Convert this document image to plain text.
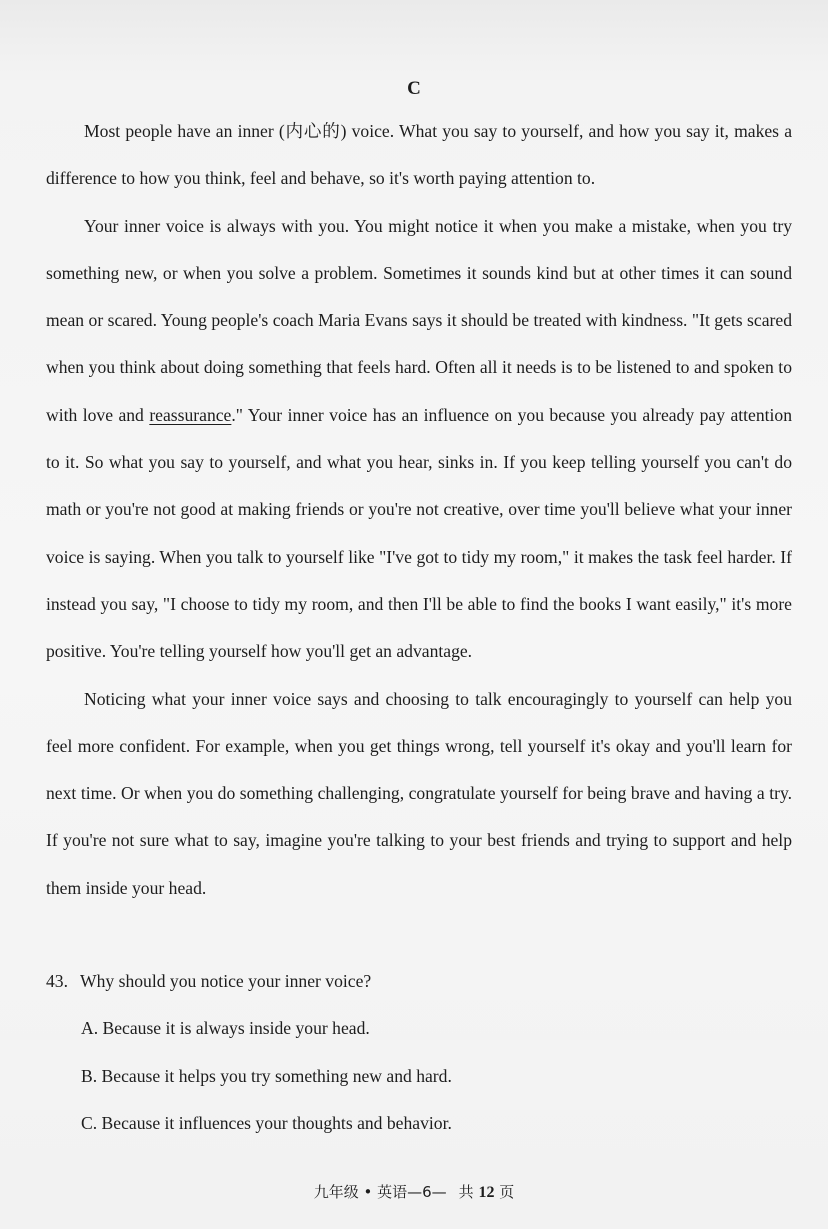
C

Most people have an inner (内心的) voice. What you say to yourself, and how you say it, makes a difference to how you think, feel and behave, so it's worth paying attention to.

Your inner voice is always with you. You might notice it when you make a mistake, when you try something new, or when you solve a problem. Sometimes it sounds kind but at other times it can sound mean or scared. Young people's coach Maria Evans says it should be treated with kindness. "It gets scared when you think about doing something that feels hard. Often all it needs is to be listened to and spoken to with love and reassurance." Your inner voice has an influence on you because you already pay attention to it. So what you say to yourself, and what you hear, sinks in. If you keep telling yourself you can't do math or you're not good at making friends or you're not creative, over time you'll believe what your inner voice is saying. When you talk to yourself like "I've got to tidy my room," it makes the task feel harder. If instead you say, "I choose to tidy my room, and then I'll be able to find the books I want easily," it's more positive. You're telling yourself how you'll get an advantage.

Noticing what your inner voice says and choosing to talk encouragingly to yourself can help you feel more confident. For example, when you get things wrong, tell yourself it's okay and you'll learn for next time. Or when you do something challenging, congratulate yourself for being brave and having a try. If you're not sure what to say, imagine you're talking to your best friends and trying to support and help them inside your head.

43. Why should you notice your inner voice?

A. Because it is always inside your head.

B. Because it helps you try something new and hard.

C. Because it influences your thoughts and behavior.

九年级 • 英语—6— 共 12 页
